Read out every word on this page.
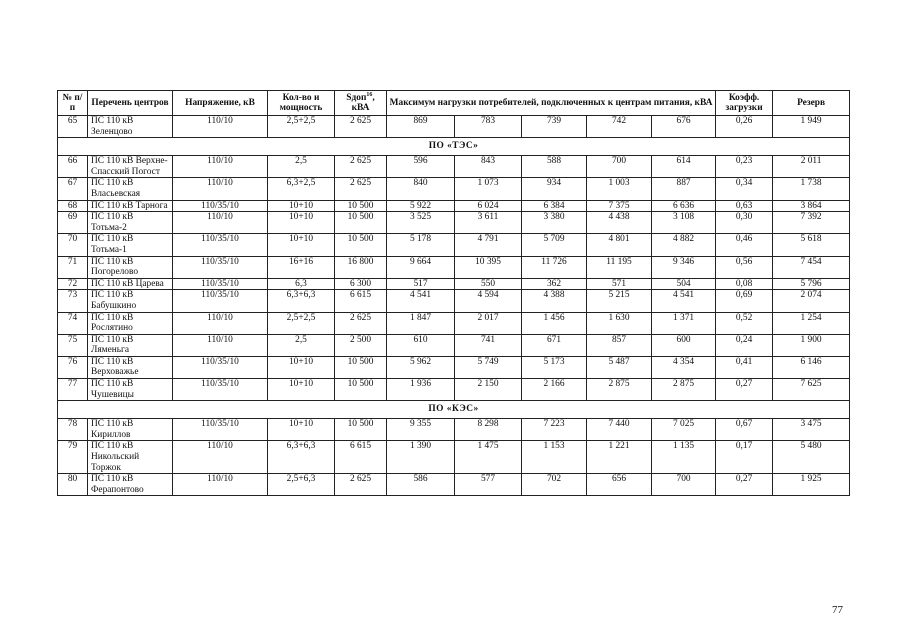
№ п/п	Перечень центров	Напряжение, кВ	Кол-во и мощность	Sдоп$^{16}$, кВА	Максимум нагрузки потребителей, подключенных к центрам питания, кВА					Коэфф. загрузки	Резерв
65	ПС 110 кВ Зеленцово	110/10	2,5+2,5	2 625	869	783	739	742	676	0,26	1 949
ПО «ТЭС»											
66	ПС 110 кВ Верхне-Спасский Погост	110/10	2,5	2 625	596	843	588	700	614	0,23	2 011
67	ПС 110 кВ Власьевская	110/10	6,3+2,5	2 625	840	1 073	934	1 003	887	0,34	1 738
68	ПС 110 кВ Тарнога	110/35/10	10+10	10 500	5 922	6 024	6 384	7 375	6 636	0,63	3 864
69	ПС 110 кВ Тотьма-2	110/10	10+10	10 500	3 525	3 611	3 380	4 438	3 108	0,30	7 392
70	ПС 110 кВ Тотьма-1	110/35/10	10+10	10 500	5 178	4 791	5 709	4 801	4 882	0,46	5 618
71	ПС 110 кВ Погорелово	110/35/10	16+16	16 800	9 664	10 395	11 726	11 195	9 346	0,56	7 454
72	ПС 110 кВ Царева	110/35/10	6,3	6 300	517	550	362	571	504	0,08	5 796
73	ПС 110 кВ Бабушкино	110/35/10	6,3+6,3	6 615	4 541	4 594	4 388	5 215	4 541	0,69	2 074
74	ПС 110 кВ Рослятино	110/10	2,5+2,5	2 625	1 847	2 017	1 456	1 630	1 371	0,52	1 254
75	ПС 110 кВ Ляменьга	110/10	2,5	2 500	610	741	671	857	600	0,24	1 900
76	ПС 110 кВ Верховажье	110/35/10	10+10	10 500	5 962	5 749	5 173	5 487	4 354	0,41	6 146
77	ПС 110 кВ Чушевицы	110/35/10	10+10	10 500	1 936	2 150	2 166	2 875	2 875	0,27	7 625
ПО «КЭС»											
78	ПС 110 кВ Кириллов	110/35/10	10+10	10 500	9 355	8 298	7 223	7 440	7 025	0,67	3 475
79	ПС 110 кВ Никольский Торжок	110/10	6,3+6,3	6 615	1 390	1 475	1 153	1 221	1 135	0,17	5 480
80	ПС 110 кВ Ферапонтово	110/10	2,5+6,3	2 625	586	577	702	656	700	0,27	1 925
77
